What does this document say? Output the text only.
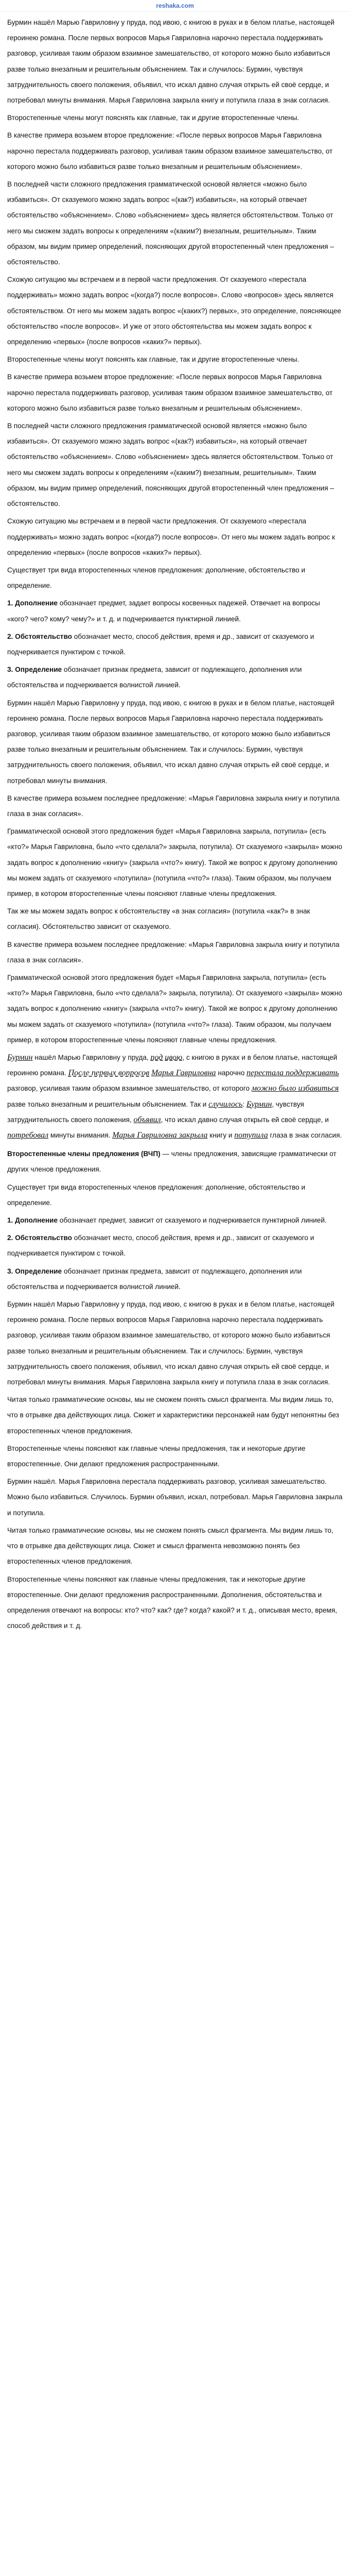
reshaka.com

Бурмин нашёл Марью Гавриловну у пруда, под ивою, с книгою в руках и в белом платье, настоящей героинею романа. После первых вопросов Марья Гавриловна нарочно перестала поддерживать разговор, усиливая таким образом взаимное замешательство, от которого можно было избавиться разве только внезапным и решительным объяснением. Так и случилось: Бурмин, чувствуя затруднительность своего положения, объявил, что искал давно случая открыть ей своё сердце, и потребовал минуты внимания. Марья Гавриловна закрыла книгу и потупила глаза в знак согласия.

Второстепенные члены могут пояснять как главные, так и другие второстепенные члены.

В качестве примера возьмем второе предложение: «После первых вопросов Марья Гавриловна нарочно перестала поддерживать разговор, усиливая таким образом взаимное замешательство, от которого можно было избавиться разве только внезапным и решительным объяснением».

В последней части сложного предложения грамматической основой является «можно было избавиться». От сказуемого можно задать вопрос «(как?) избавиться», на который отвечает обстоятельство «объяснением». Слово «объяснением» здесь является обстоятельством. Только от него мы сможем задать вопросы к определениям «(каким?) внезапным, решительным». Таким образом, мы видим пример определений, поясняющих другой второстепенный член предложения – обстоятельство.

Схожую ситуацию мы встречаем и в первой части предложения. От сказуемого «перестала поддерживать» можно задать вопрос «(когда?) после вопросов». Слово «вопросов» здесь является обстоятельством. От него мы можем задать вопрос «(каких?) первых», это определение, поясняющее обстоятельство «после вопросов». И уже от этого обстоятельства мы можем задать вопрос к определению «первых» (после вопросов «каких?» первых).

Второстепенные члены могут пояснять как главные, так и другие второстепенные члены.

В качестве примера возьмем второе предложение: «После первых вопросов Марья Гавриловна нарочно перестала поддерживать разговор, усиливая таким образом взаимное замешательство, от которого можно было избавиться разве только внезапным и решительным объяснением».

В последней части сложного предложения грамматической основой является «можно было избавиться». От сказуемого можно задать вопрос «(как?) избавиться», на который отвечает обстоятельство «объяснением». Слово «объяснением» здесь является обстоятельством. Только от него мы сможем задать вопросы к определениям «(каким?) внезапным, решительным». Таким образом, мы видим пример определений, поясняющих другой второстепенный член предложения – обстоятельство.

Схожую ситуацию мы встречаем и в первой части предложения. От сказуемого «перестала поддерживать» можно задать вопрос «(когда?) после вопросов». От него мы можем задать вопрос к определению «первых» (после вопросов «каких?» первых).

Существует три вида второстепенных членов предложения: дополнение, обстоятельство и определение.

1. Дополнение обозначает предмет, задает вопросы косвенных падежей. Отвечает на вопросы «кого? чего? кому? чему?» и т. д. и подчеркивается пунктирной линией.

2. Обстоятельство обозначает место, способ действия, время и др., зависит от сказуемого и подчеркивается пунктиром с точкой.

3. Определение обозначает признак предмета, зависит от подлежащего, дополнения или обстоятельства и подчеркивается волнистой линией.

Бурмин нашёл Марью Гавриловну у пруда, под ивою, с книгою в руках и в белом платье, настоящей героинею романа. После первых вопросов Марья Гавриловна нарочно перестала поддерживать разговор, усиливая таким образом взаимное замешательство, от которого можно было избавиться разве только внезапным и решительным объяснением. Так и случилось: Бурмин, чувствуя затруднительность своего положения, объявил, что искал давно случая открыть ей своё сердце, и потребовал минуты внимания.

В качестве примера возьмем последнее предложение: «Марья Гавриловна закрыла книгу и потупила глаза в знак согласия».

Грамматической основой этого предложения будет «Марья Гавриловна закрыла, потупила» (есть «кто?» Марья Гавриловна, было «что сделала?» закрыла, потупила). От сказуемого «закрыла» можно задать вопрос к дополнению «книгу» (закрыла «что?» книгу). Такой же вопрос к другому дополнению мы можем задать от сказуемого «потупила» (потупила «что?» глаза). Таким образом, мы получаем пример, в котором второстепенные члены поясняют главные члены предложения.

Так же мы можем задать вопрос к обстоятельству «в знак согласия» (потупила «как?» в знак согласия). Обстоятельство зависит от сказуемого.

В качестве примера возьмем последнее предложение: «Марья Гавриловна закрыла книгу и потупила глаза в знак согласия».

Грамматической основой этого предложения будет «Марья Гавриловна закрыла, потупила» (есть «кто?» Марья Гавриловна, было «что сделала?» закрыла, потупила). От сказуемого «закрыла» можно задать вопрос к дополнению «книгу» (закрыла «что?» книгу). Такой же вопрос к другому дополнению мы можем задать от сказуемого «потупила» (потупила «что?» глаза). Таким образом, мы получаем пример, в котором второстепенные члены поясняют главные члены предложения.

Бурмин нашёл Марью Гавриловну у пруда, под ивою, с книгою в руках и в белом платье, настоящей героинею романа. После первых вопросов Марья Гавриловна нарочно перестала поддерживать разговор, усиливая таким образом взаимное замешательство, от которого можно было избавиться разве только внезапным и решительным объяснением. Так и случилось: Бурмин, чувствуя затруднительность своего положения, объявил, что искал давно случая открыть ей своё сердце, и потребовал минуты внимания. Марья Гавриловна закрыла книгу и потупила глаза в знак согласия.

Второстепенные члены предложения (ВЧП) — члены предложения, зависящие грамматически от других членов предложения.

Существует три вида второстепенных членов предложения: дополнение, обстоятельство и определение.

1. Дополнение обозначает предмет, зависит от сказуемого и подчеркивается пунктирной линией.

2. Обстоятельство обозначает место, способ действия, время и др., зависит от сказуемого и подчеркивается пунктиром с точкой.

3. Определение обозначает признак предмета, зависит от подлежащего, дополнения или обстоятельства и подчеркивается волнистой линией.

Бурмин нашёл Марью Гавриловну у пруда, под ивою, с книгою в руках и в белом платье, настоящей героинею романа. После первых вопросов Марья Гавриловна нарочно перестала поддерживать разговор, усиливая таким образом взаимное замешательство, от которого можно было избавиться разве только внезапным и решительным объяснением. Так и случилось: Бурмин, чувствуя затруднительность своего положения, объявил, что искал давно случая открыть ей своё сердце, и потребовал минуты внимания. Марья Гавриловна закрыла книгу и потупила глаза в знак согласия.

Читая только грамматические основы, мы не сможем понять смысл фрагмента. Мы видим лишь то, что в отрывке два действующих лица. Сюжет и характеристики персонажей нам будут непонятны без второстепенных членов предложения.

Второстепенные члены поясняют как главные члены предложения, так и некоторые другие второстепенные. Они делают предложения распространенными.

Бурмин нашёл. Марья Гавриловна перестала поддерживать разговор, усиливая замешательство. Можно было избавиться. Случилось. Бурмин объявил, искал, потребовал. Марья Гавриловна закрыла и потупила.

Читая только грамматические основы, мы не сможем понять смысл фрагмента. Мы видим лишь то, что в отрывке два действующих лица. Сюжет и смысл фрагмента невозможно понять без второстепенных членов предложения.

Второстепенные члены поясняют как главные члены предложения, так и некоторые другие второстепенные. Они делают предложения распространенными. Дополнения, обстоятельства и определения отвечают на вопросы: кто? что? как? где? когда? какой? и т. д., описывая место, время, способ действия и т. д.
